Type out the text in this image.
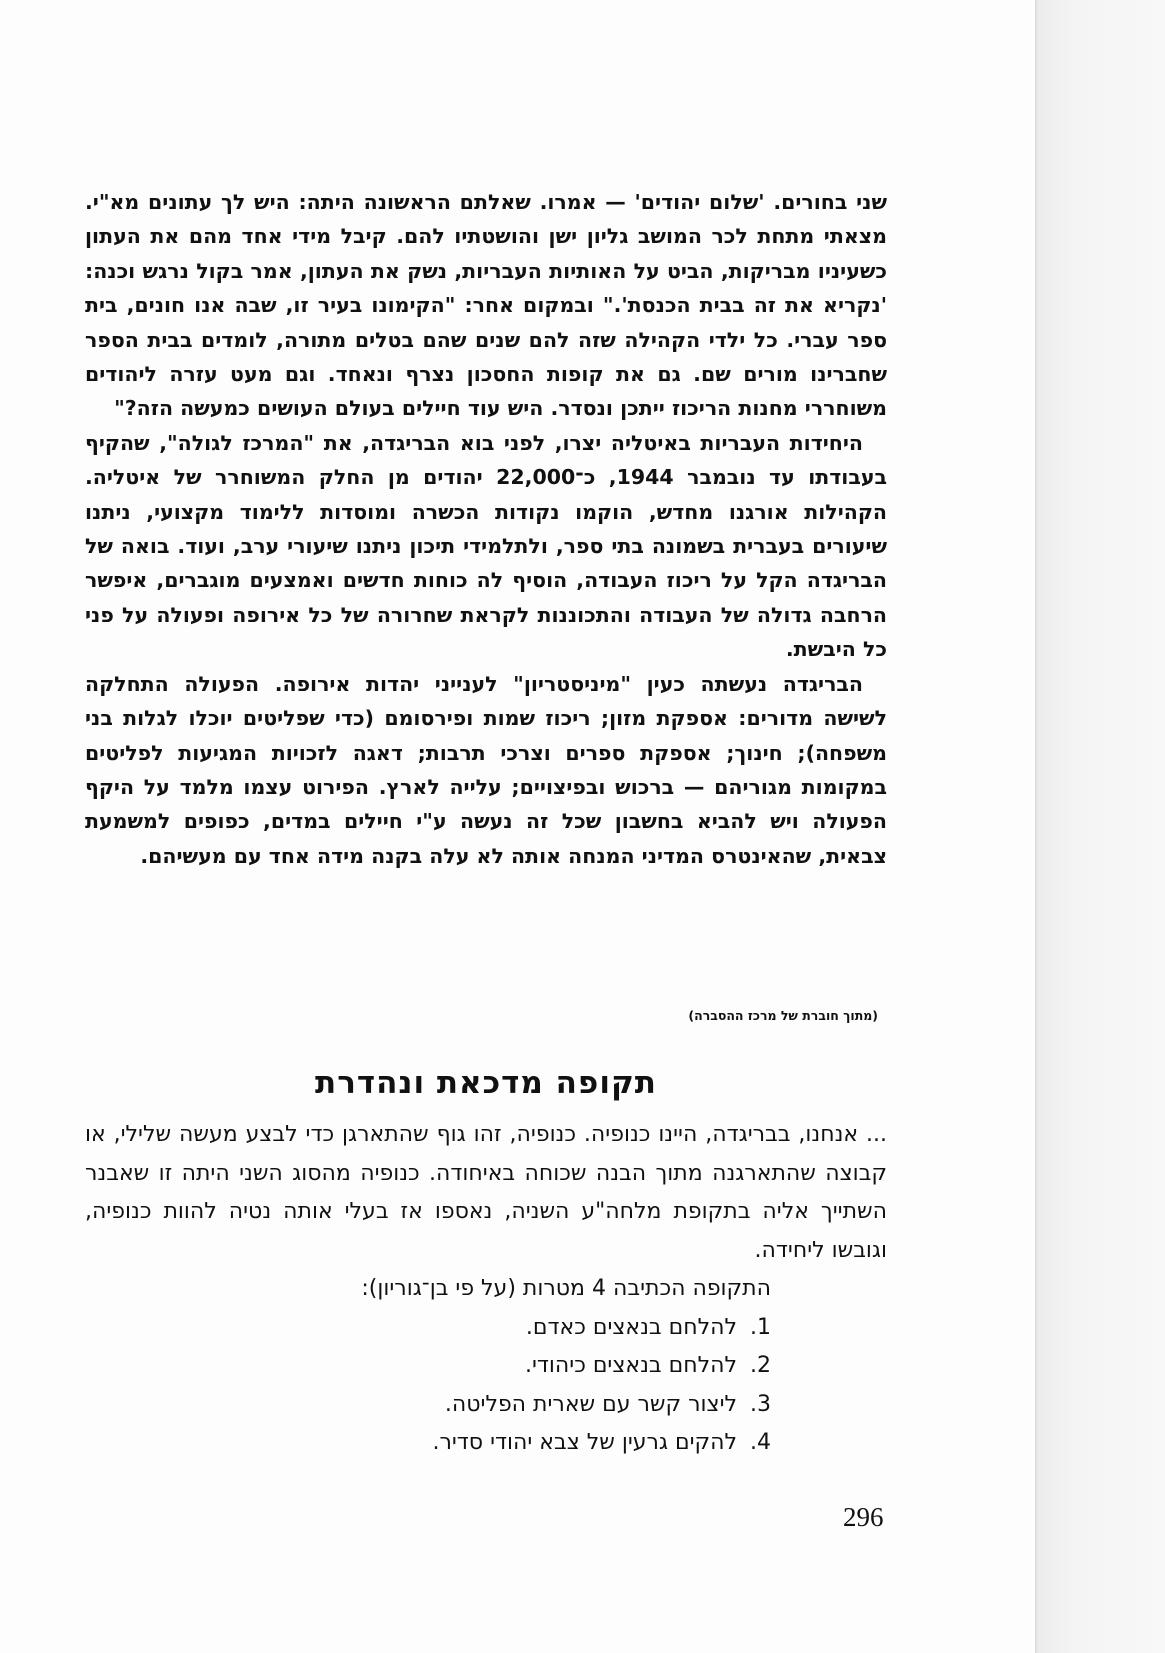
שני בחורים. 'שלום יהודים' — אמרו. שאלתם הראשונה היתה: היש לך עתונים מא"י. מצאתי מתחת לכר המושב גליון ישן והושטתיו להם. קיבל מידי אחד מהם את העתון כשעיניו מבריקות, הביט על האותיות העבריות, נשק את העתון, אמר בקול נרגש וכנה: 'נקריא את זה בבית הכנסת'." ובמקום אחר: "הקימונו בעיר זו, שבה אנו חונים, בית ספר עברי. כל ילדי הקהילה שזה להם שנים שהם בטלים מתורה, לומדים בבית הספר שחברינו מורים שם. גם את קופות החסכון נצרף ונאחד. וגם מעט עזרה ליהודים משוחררי מחנות הריכוז ייתכן ונסדר. היש עוד חיילים בעולם העושים כמעשה הזה?"

היחידות העבריות באיטליה יצרו, לפני בוא הבריגדה, את "המרכז לגולה", שהקיף בעבודתו עד נובמבר 1944, כ־22,000 יהודים מן החלק המשוחרר של איטליה. הקהילות אורגנו מחדש, הוקמו נקודות הכשרה ומוסדות ללימוד מקצועי, ניתנו שיעורים בעברית בשמונה בתי ספר, ולתלמידי תיכון ניתנו שיעורי ערב, ועוד. בואה של הבריגדה הקל על ריכוז העבודה, הוסיף לה כוחות חדשים ואמצעים מוגברים, איפשר הרחבה גדולה של העבודה והתכוננות לקראת שחרורה של כל אירופה ופעולה על פני כל היבשת.

הבריגדה נעשתה כעין "מיניסטריון" לענייני יהדות אירופה. הפעולה התחלקה לשישה מדורים: אספקת מזון; ריכוז שמות ופירסומם (כדי שפליטים יוכלו לגלות בני משפחה); חינוך; אספקת ספרים וצרכי תרבות; דאגה לזכויות המגיעות לפליטים במקומות מגוריהם — ברכוש ובפיצויים; עלייה לארץ. הפירוט עצמו מלמד על היקף הפעולה ויש להביא בחשבון שכל זה נעשה ע"י חיילים במדים, כפופים למשמעת צבאית, שהאינטרס המדיני המנחה אותה לא עלה בקנה מידה אחד עם מעשיהם.

(מתוך חוברת של מרכז ההסברה)
תקופה מדכאת ונהדרת

... אנחנו, בבריגדה, היינו כנופיה. כנופיה, זהו גוף שהתארגן כדי לבצע מעשה שלילי, או קבוצה שהתארגנה מתוך הבנה שכוחה באיחודה. כנופיה מהסוג השני היתה זו שאבנר השתייך אליה בתקופת מלחה"ע השניה, נאספו אז בעלי אותה נטיה להוות כנופיה, וגובשו ליחידה.

התקופה הכתיבה 4 מטרות (על פי בן־גוריון):

1.
להלחם בנאצים כאדם.
2.
להלחם בנאצים כיהודי.
3.
ליצור קשר עם שארית הפליטה.
4.
להקים גרעין של צבא יהודי סדיר.
296
